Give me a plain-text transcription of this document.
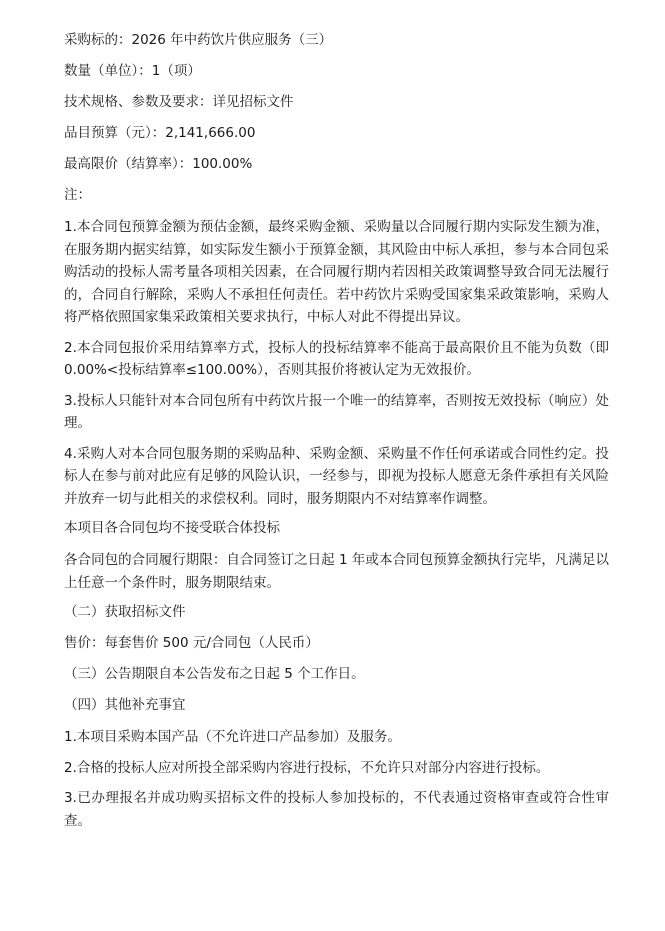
采购标的：2026 年中药饮片供应服务（三）
数量（单位）：1（项）
技术规格、参数及要求：详见招标文件
品目预算（元）：2,141,666.00
最高限价（结算率）：100.00%
注：

1.本合同包预算金额为预估金额，最终采购金额、采购量以合同履行期内实际发生额为准，在服务期内据实结算，如实际发生额小于预算金额，其风险由中标人承担，参与本合同包采购活动的投标人需考量各项相关因素，在合同履行期内若因相关政策调整导致合同无法履行的，合同自行解除，采购人不承担任何责任。若中药饮片采购受国家集采政策影响，采购人将严格依照国家集采政策相关要求执行，中标人对此不得提出异议。

2.本合同包报价采用结算率方式，投标人的投标结算率不能高于最高限价且不能为负数（即 0.00%<投标结算率≤100.00%），否则其报价将被认定为无效报价。

3.投标人只能针对本合同包所有中药饮片报一个唯一的结算率，否则按无效投标（响应）处理。

4.采购人对本合同包服务期的采购品种、采购金额、采购量不作任何承诺或合同性约定。投标人在参与前对此应有足够的风险认识，一经参与，即视为投标人愿意无条件承担有关风险并放弃一切与此相关的求偿权利。同时，服务期限内不对结算率作调整。

本项目各合同包均不接受联合体投标

各合同包的合同履行期限：自合同签订之日起 1 年或本合同包预算金额执行完毕，凡满足以上任意一个条件时，服务期限结束。

（二）获取招标文件
售价：每套售价 500 元/合同包（人民币）
（三）公告期限自本公告发布之日起 5 个工作日。
（四）其他补充事宜

1.本项目采购本国产品（不允许进口产品参加）及服务。

2.合格的投标人应对所投全部采购内容进行投标，不允许只对部分内容进行投标。

3.已办理报名并成功购买招标文件的投标人参加投标的，不代表通过资格审查或符合性审查。
